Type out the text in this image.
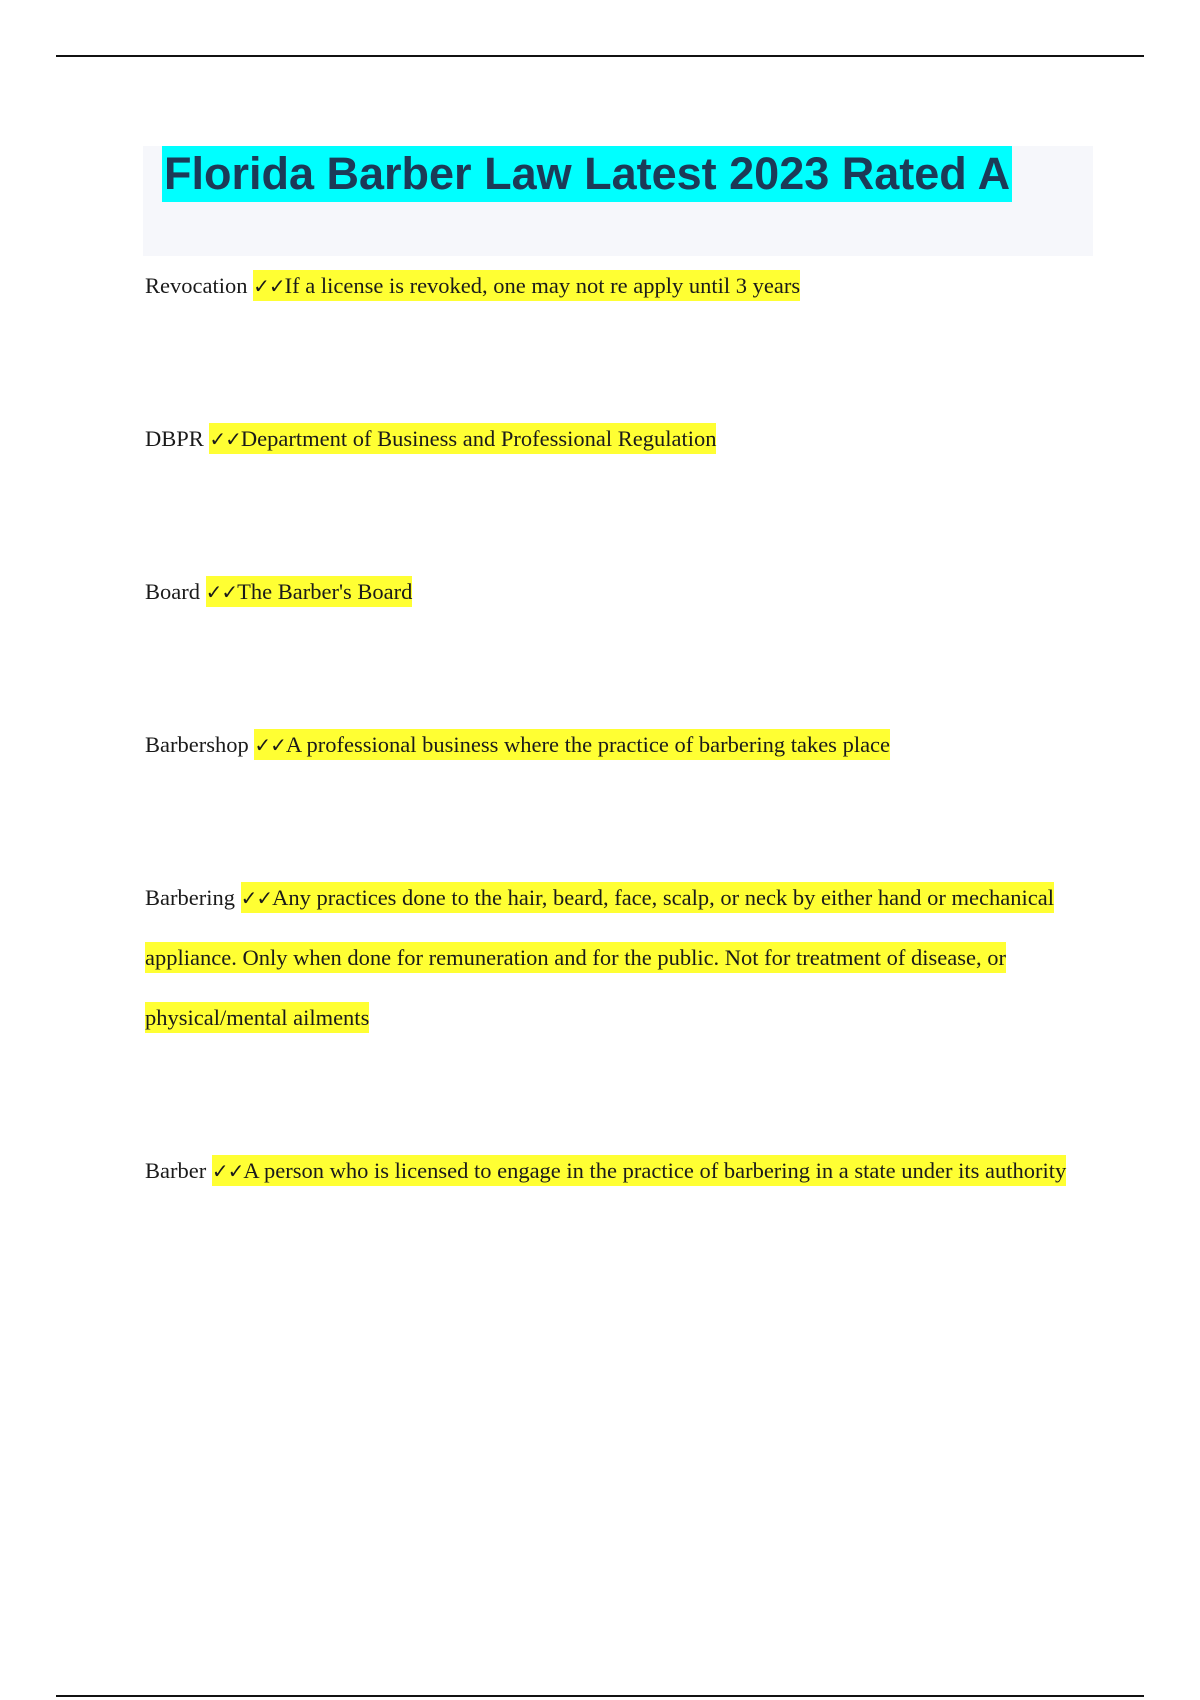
Florida Barber Law Latest 2023 Rated A

Revocation ✓✓If a license is revoked, one may not re apply until 3 years

DBPR ✓✓Department of Business and Professional Regulation

Board ✓✓The Barber's Board

Barbershop ✓✓A professional business where the practice of barbering takes place

Barbering ✓✓Any practices done to the hair, beard, face, scalp, or neck by either hand or mechanical appliance. Only when done for remuneration and for the public. Not for treatment of disease, or physical/mental ailments

Barber ✓✓A person who is licensed to engage in the practice of barbering in a state under its authority
